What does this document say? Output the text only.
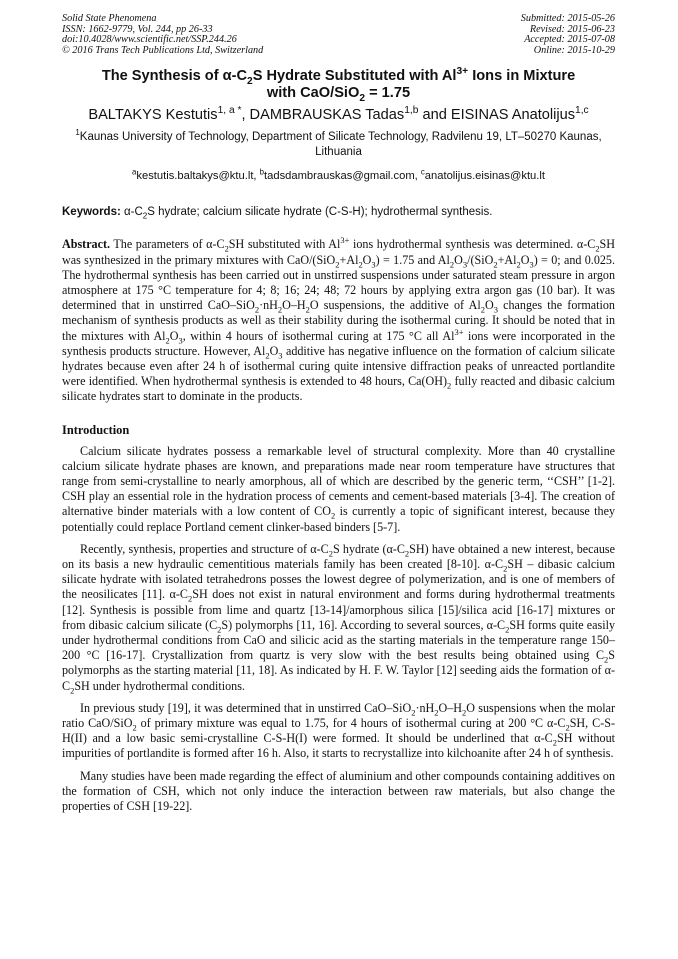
Solid State Phenomena
ISSN: 1662-9779, Vol. 244, pp 26-33
doi:10.4028/www.scientific.net/SSP.244.26
© 2016 Trans Tech Publications Ltd, Switzerland
Submitted: 2015-05-26
Revised: 2015-06-23
Accepted: 2015-07-08
Online: 2015-10-29
The Synthesis of $\alpha-C_2S$ Hydrate Substituted with $Al^{3+}$ Ions in Mixture
with CaO/SiO$_2$ = 1.75
BALTAKYS Kestutis$^{1, a *}$, DAMBRAUSKAS Tadas$^{1,b}$ and EISINAS Anatolijus$^{1,c}$
$^1$Kaunas University of Technology, Department of Silicate Technology, Radvilenu 19, LT–50270 Kaunas, Lithuania
$^a$kestutis.baltakys@ktu.lt, $^b$tadsdambrauskas@gmail.com, $^c$anatolijus.eisinas@ktu.lt
Keywords: $\alpha-C_2S$ hydrate; calcium silicate hydrate (C-S-H); hydrothermal synthesis.
Abstract. The parameters of $\alpha-C_2SH$ substituted with $Al^{3+}$ ions hydrothermal synthesis was determined. $\alpha-C_2SH$ was synthesized in the primary mixtures with CaO/$(SiO_2+Al_2O_3) = 1.75$ and $Al_2O_3/(SiO_2+Al_2O_3) = 0$; and 0.025. The hydrothermal synthesis has been carried out in unstirred suspensions under saturated steam pressure in argon atmosphere at 175 °C temperature for 4; 8; 16; 24; 48; 72 hours by applying extra argon gas (10 bar). It was determined that in unstirred CaO–$SiO_2\cdot nH_2O-H_2O$ suspensions, the additive of $Al_2O_3$ changes the formation mechanism of synthesis products as well as their stability during the isothermal curing. It should be noted that in the mixtures with $Al_2O_3$, within 4 hours of isothermal curing at 175 °C all $Al^{3+}$ ions were incorporated in the synthesis products structure. However, $Al_2O_3$ additive has negative influence on the formation of calcium silicate hydrates because even after 24 h of isothermal curing quite intensive diffraction peaks of unreacted portlandite were identified. When hydrothermal synthesis is extended to 48 hours, $Ca(OH)_2$ fully reacted and dibasic calcium silicate hydrates start to dominate in the products.
Introduction
Calcium silicate hydrates possess a remarkable level of structural complexity. More than 40 crystalline calcium silicate hydrate phases are known, and preparations made near room temperature have structures that range from semi-crystalline to nearly amorphous, all of which are described by the generic term, ‘‘CSH’’ [1-2]. CSH play an essential role in the hydration process of cements and cement-based materials [3-4]. The creation of alternative binder materials with a low content of $CO_2$ is currently a topic of significant interest, because they potentially could replace Portland cement clinker-based binders [5-7].
Recently, synthesis, properties and structure of $\alpha-C_2S$ hydrate $(\alpha-C_2SH)$ have obtained a new interest, because on its basis a new hydraulic cementitious materials family has been created [8-10]. $\alpha-C_2SH$ – dibasic calcium silicate hydrate with isolated tetrahedrons posses the lowest degree of polymerization, and is one of members of the neosilicates [11]. $\alpha-C_2SH$ does not exist in natural environment and forms during hydrothermal treatments [12]. Synthesis is possible from lime and quartz [13-14]/amorphous silica [15]/silica acid [16-17] mixtures or from dibasic calcium silicate $(C_2S)$ polymorphs [11, 16]. According to several sources, $\alpha-C_2SH$ forms quite easily under hydrothermal conditions from CaO and silicic acid as the starting materials in the temperature range 150–200 °C [16-17]. Crystallization from quartz is very slow with the best results being obtained using $C_2S$ polymorphs as the starting material [11, 18]. As indicated by H. F. W. Taylor [12] seeding aids the formation of $\alpha-C_2SH$ under hydrothermal conditions.
In previous study [19], it was determined that in unstirred CaO–$SiO_2\cdot nH_2O-H_2O$ suspensions when the molar ratio CaO/SiO$_2$ of primary mixture was equal to 1.75, for 4 hours of isothermal curing at 200 °C $\alpha-C_2SH$, C-S-H(II) and a low basic semi-crystalline C-S-H(I) were formed. It should be underlined that $\alpha-C_2SH$ without impurities of portlandite is formed after 16 h. Also, it starts to recrystallize into kilchoanite after 24 h of synthesis.
Many studies have been made regarding the effect of aluminium and other compounds containing additives on the formation of CSH, which not only induce the interaction between raw materials, but also change the properties of CSH [19-22].
